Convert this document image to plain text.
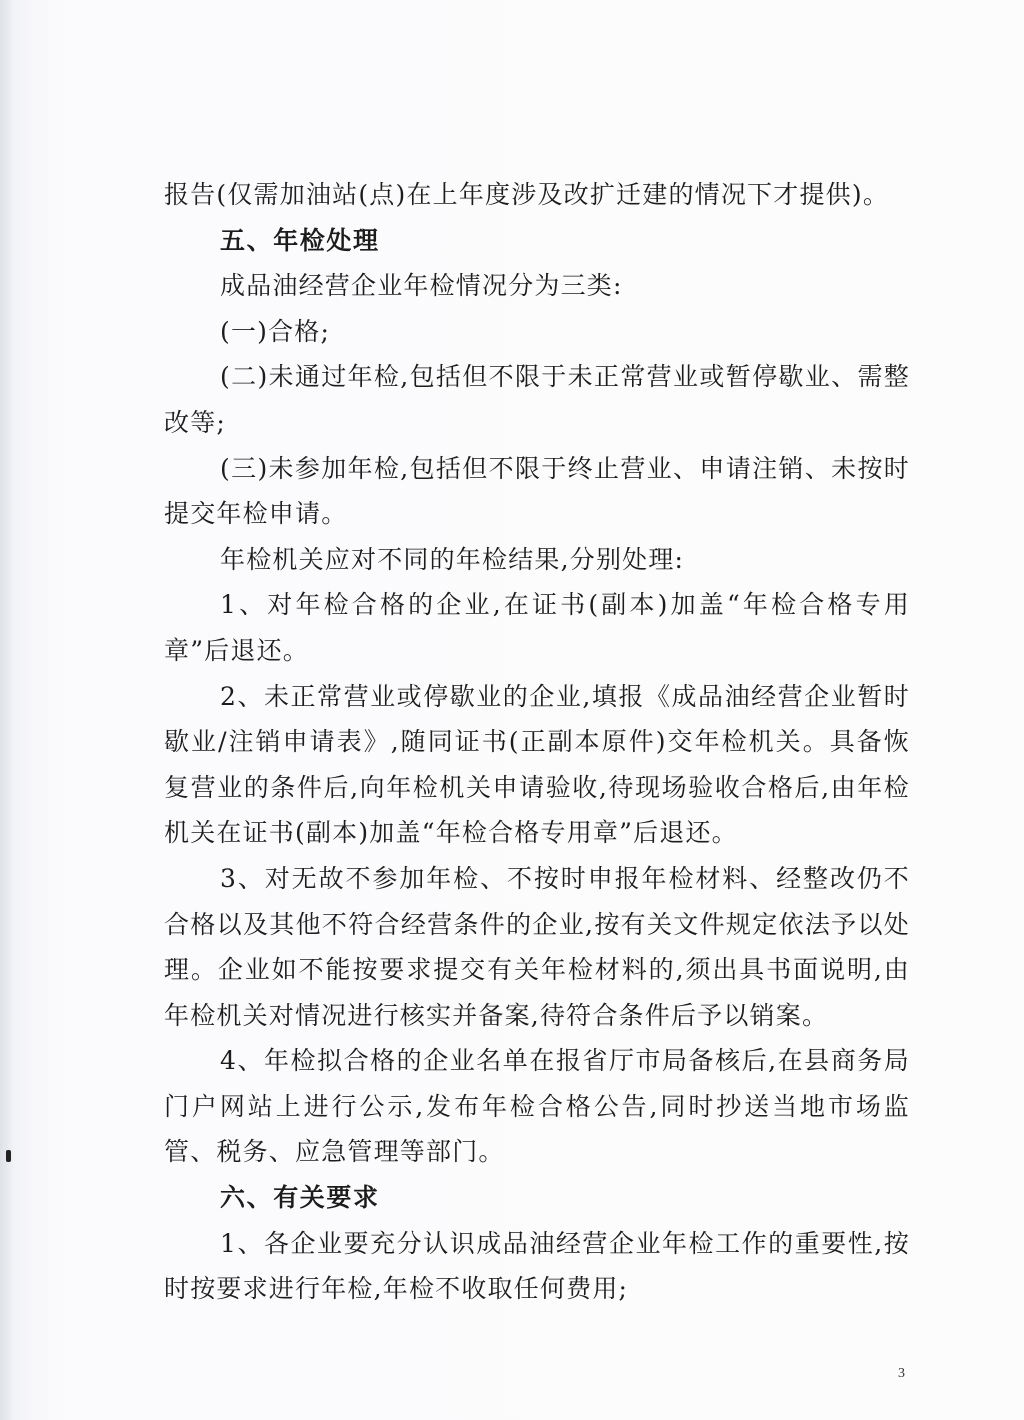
报告(仅需加油站(点)在上年度涉及改扩迁建的情况下才提供)。

五、年检处理

成品油经营企业年检情况分为三类:

(一)合格;

(二)未通过年检,包括但不限于未正常营业或暂停歇业、需整改等;

(三)未参加年检,包括但不限于终止营业、申请注销、未按时提交年检申请。

年检机关应对不同的年检结果,分别处理:

1、对年检合格的企业,在证书(副本)加盖“年检合格专用章”后退还。

2、未正常营业或停歇业的企业,填报《成品油经营企业暂时歇业/注销申请表》,随同证书(正副本原件)交年检机关。具备恢复营业的条件后,向年检机关申请验收,待现场验收合格后,由年检机关在证书(副本)加盖“年检合格专用章”后退还。

3、对无故不参加年检、不按时申报年检材料、经整改仍不合格以及其他不符合经营条件的企业,按有关文件规定依法予以处理。企业如不能按要求提交有关年检材料的,须出具书面说明,由年检机关对情况进行核实并备案,待符合条件后予以销案。

4、年检拟合格的企业名单在报省厅市局备核后,在县商务局门户网站上进行公示,发布年检合格公告,同时抄送当地市场监管、税务、应急管理等部门。

六、有关要求

1、各企业要充分认识成品油经营企业年检工作的重要性,按时按要求进行年检,年检不收取任何费用;

3
